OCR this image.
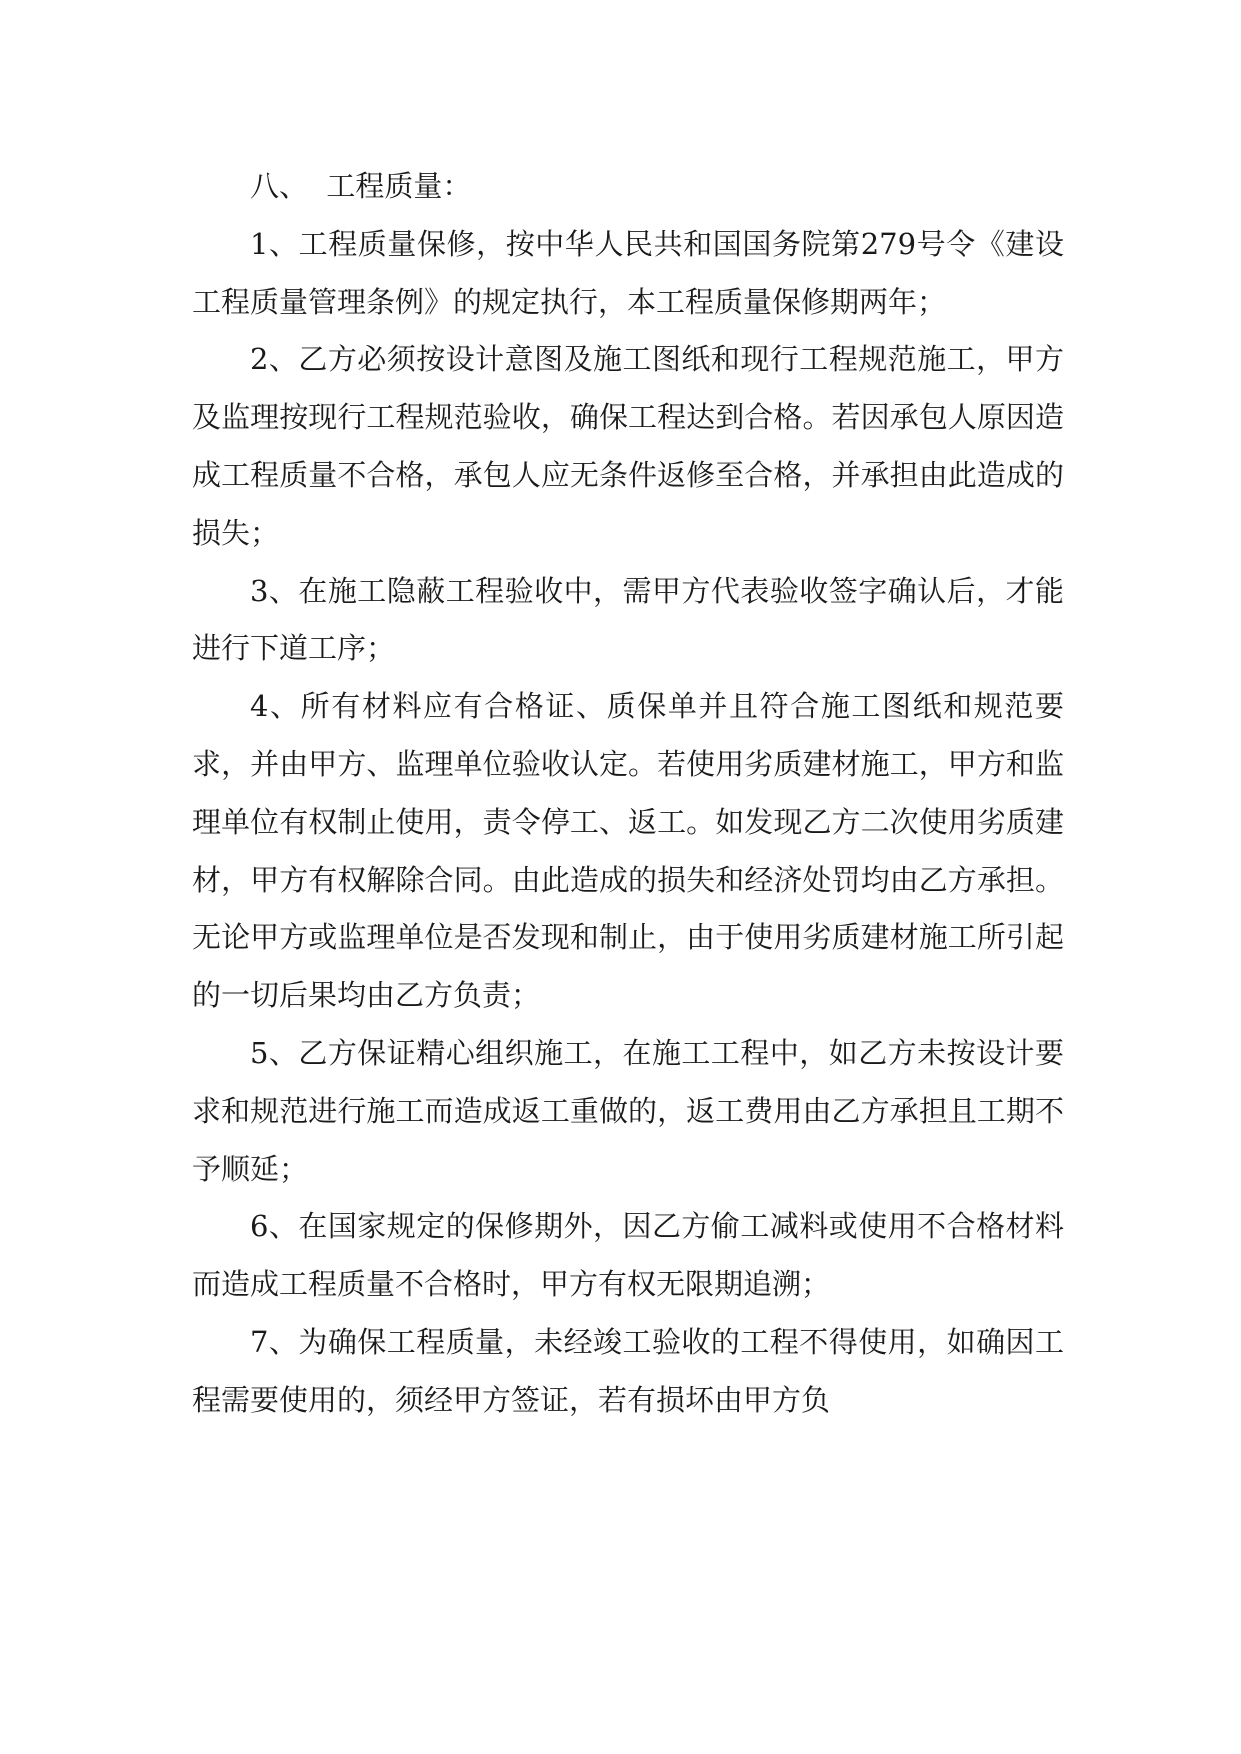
八、  工程质量：

1、工程质量保修，按中华人民共和国国务院第279号令《建设工程质量管理条例》的规定执行，本工程质量保修期两年；

2、乙方必须按设计意图及施工图纸和现行工程规范施工，甲方及监理按现行工程规范验收，确保工程达到合格。若因承包人原因造成工程质量不合格，承包人应无条件返修至合格，并承担由此造成的损失；

3、在施工隐蔽工程验收中，需甲方代表验收签字确认后，才能进行下道工序；

4、所有材料应有合格证、质保单并且符合施工图纸和规范要求，并由甲方、监理单位验收认定。若使用劣质建材施工，甲方和监理单位有权制止使用，责令停工、返工。如发现乙方二次使用劣质建材，甲方有权解除合同。由此造成的损失和经济处罚均由乙方承担。无论甲方或监理单位是否发现和制止，由于使用劣质建材施工所引起的一切后果均由乙方负责；

5、乙方保证精心组织施工，在施工工程中，如乙方未按设计要求和规范进行施工而造成返工重做的，返工费用由乙方承担且工期不予顺延；

6、在国家规定的保修期外，因乙方偷工减料或使用不合格材料而造成工程质量不合格时，甲方有权无限期追溯；

7、为确保工程质量，未经竣工验收的工程不得使用，如确因工程需要使用的，须经甲方签证，若有损坏由甲方负
